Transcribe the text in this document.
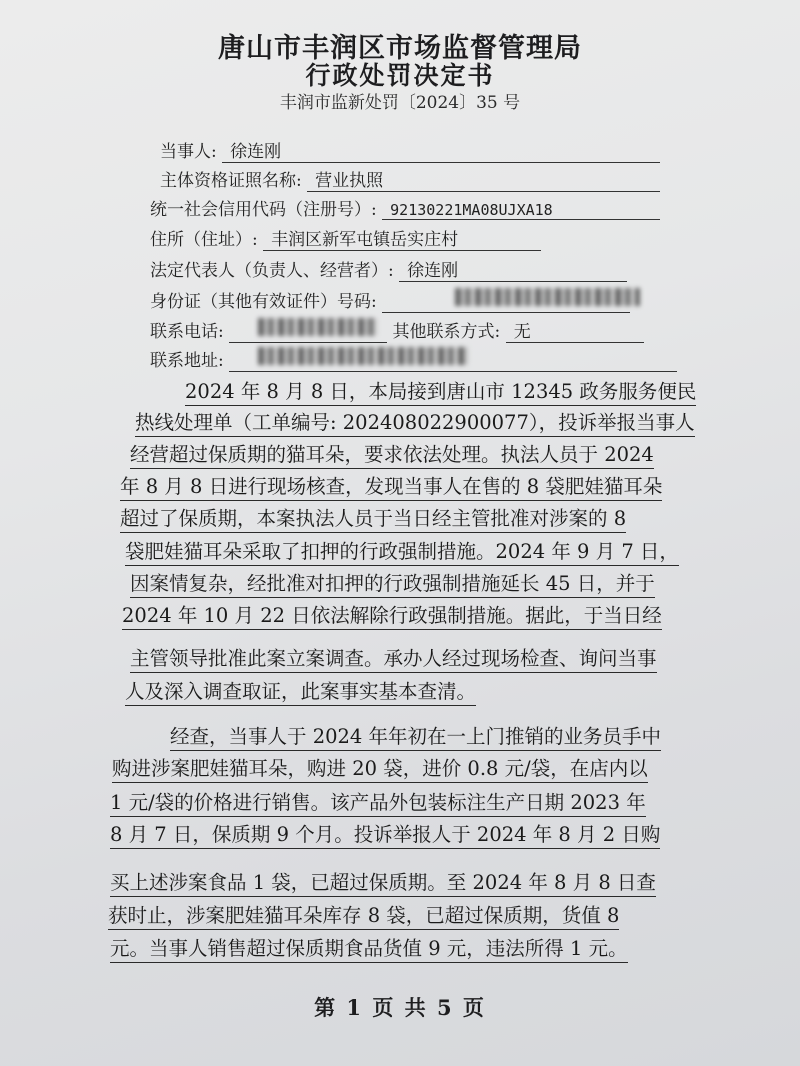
唐山市丰润区市场监督管理局
行政处罚决定书
丰润市监新处罚〔2024〕35 号
当事人: 徐连刚
主体资格证照名称: 营业执照
统一社会信用代码（注册号）: 92130221MA08UJXA18
住所（住址）: 丰润区新军屯镇岳实庄村
法定代表人（负责人、经营者）: 徐连刚
身份证（其他有效证件）号码:
联系电话:	其他联系方式: 无
联系地址:
2024 年 8 月 8 日，本局接到唐山市 12345 政务服务便民
热线处理单（工单编号: 202408022900077），投诉举报当事人
经营超过保质期的猫耳朵，要求依法处理。执法人员于 2024
年 8 月 8 日进行现场核查，发现当事人在售的 8 袋肥娃猫耳朵
超过了保质期，本案执法人员于当日经主管批准对涉案的 8
袋肥娃猫耳朵采取了扣押的行政强制措施。2024 年 9 月 7 日，
因案情复杂，经批准对扣押的行政强制措施延长 45 日，并于
2024 年 10 月 22 日依法解除行政强制措施。据此，于当日经
主管领导批准此案立案调查。承办人经过现场检查、询问当事
人及深入调查取证，此案事实基本查清。
经查，当事人于 2024 年年初在一上门推销的业务员手中
购进涉案肥娃猫耳朵，购进 20 袋，进价 0.8 元/袋，在店内以
1 元/袋的价格进行销售。该产品外包装标注生产日期 2023 年
8 月 7 日，保质期 9 个月。投诉举报人于 2024 年 8 月 2 日购
买上述涉案食品 1 袋，已超过保质期。至 2024 年 8 月 8 日查
获时止，涉案肥娃猫耳朵库存 8 袋，已超过保质期，货值 8
元。当事人销售超过保质期食品货值 9 元，违法所得 1 元。
第 1 页 共 5 页
